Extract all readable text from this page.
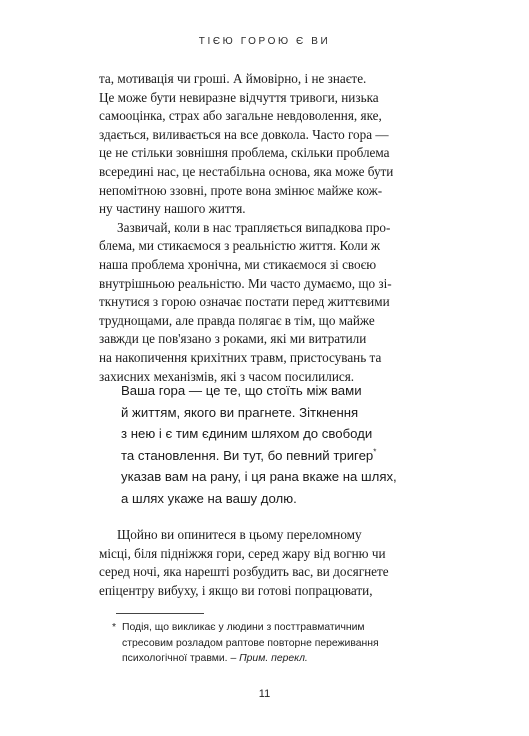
ТІЄЮ ГОРОЮ Є ВИ

та, мотивація чи гроші. А ймовірно, і не знаєте.
Це може бути невиразне відчуття тривоги, низька
самооцінка, страх або загальне невдоволення, яке,
здається, виливається на все довкола. Часто гора —
це не стільки зовнішня проблема, скільки проблема
всередині нас, це нестабільна основа, яка може бути
непомітною ззовні, проте вона змінює майже кож-
ну частину нашого життя.

Зазвичай, коли в нас трапляється випадкова про-
блема, ми стикаємося з реальністю життя. Коли ж
наша проблема хронічна, ми стикаємося зі своєю
внутрішньою реальністю. Ми часто думаємо, що зі-
ткнутися з горою означає постати перед життєвими
труднощами, але правда полягає в тім, що майже
завжди це пов'язано з роками, які ми витратили
на накопичення крихітних травм, пристосувань та
захисних механізмів, які з часом посилилися.

Ваша гора — це те, що стоїть між вами
й життям, якого ви прагнете. Зіткнення
з нею і є тим єдиним шляхом до свободи
та становлення. Ви тут, бо певний тригер*
указав вам на рану, і ця рана вкаже на шлях,
а шлях укаже на вашу долю.

Щойно ви опинитеся в цьому переломному
місці, біля підніжжя гори, серед жару від вогню чи
серед ночі, яка нарешті розбудить вас, ви досягнете
епіцентру вибуху, і якщо ви готові попрацювати,

* Подія, що викликає у людини з посттравматичним
стресовим розладом раптове повторне переживання
психологічної травми. – Прим. перекл.
11
